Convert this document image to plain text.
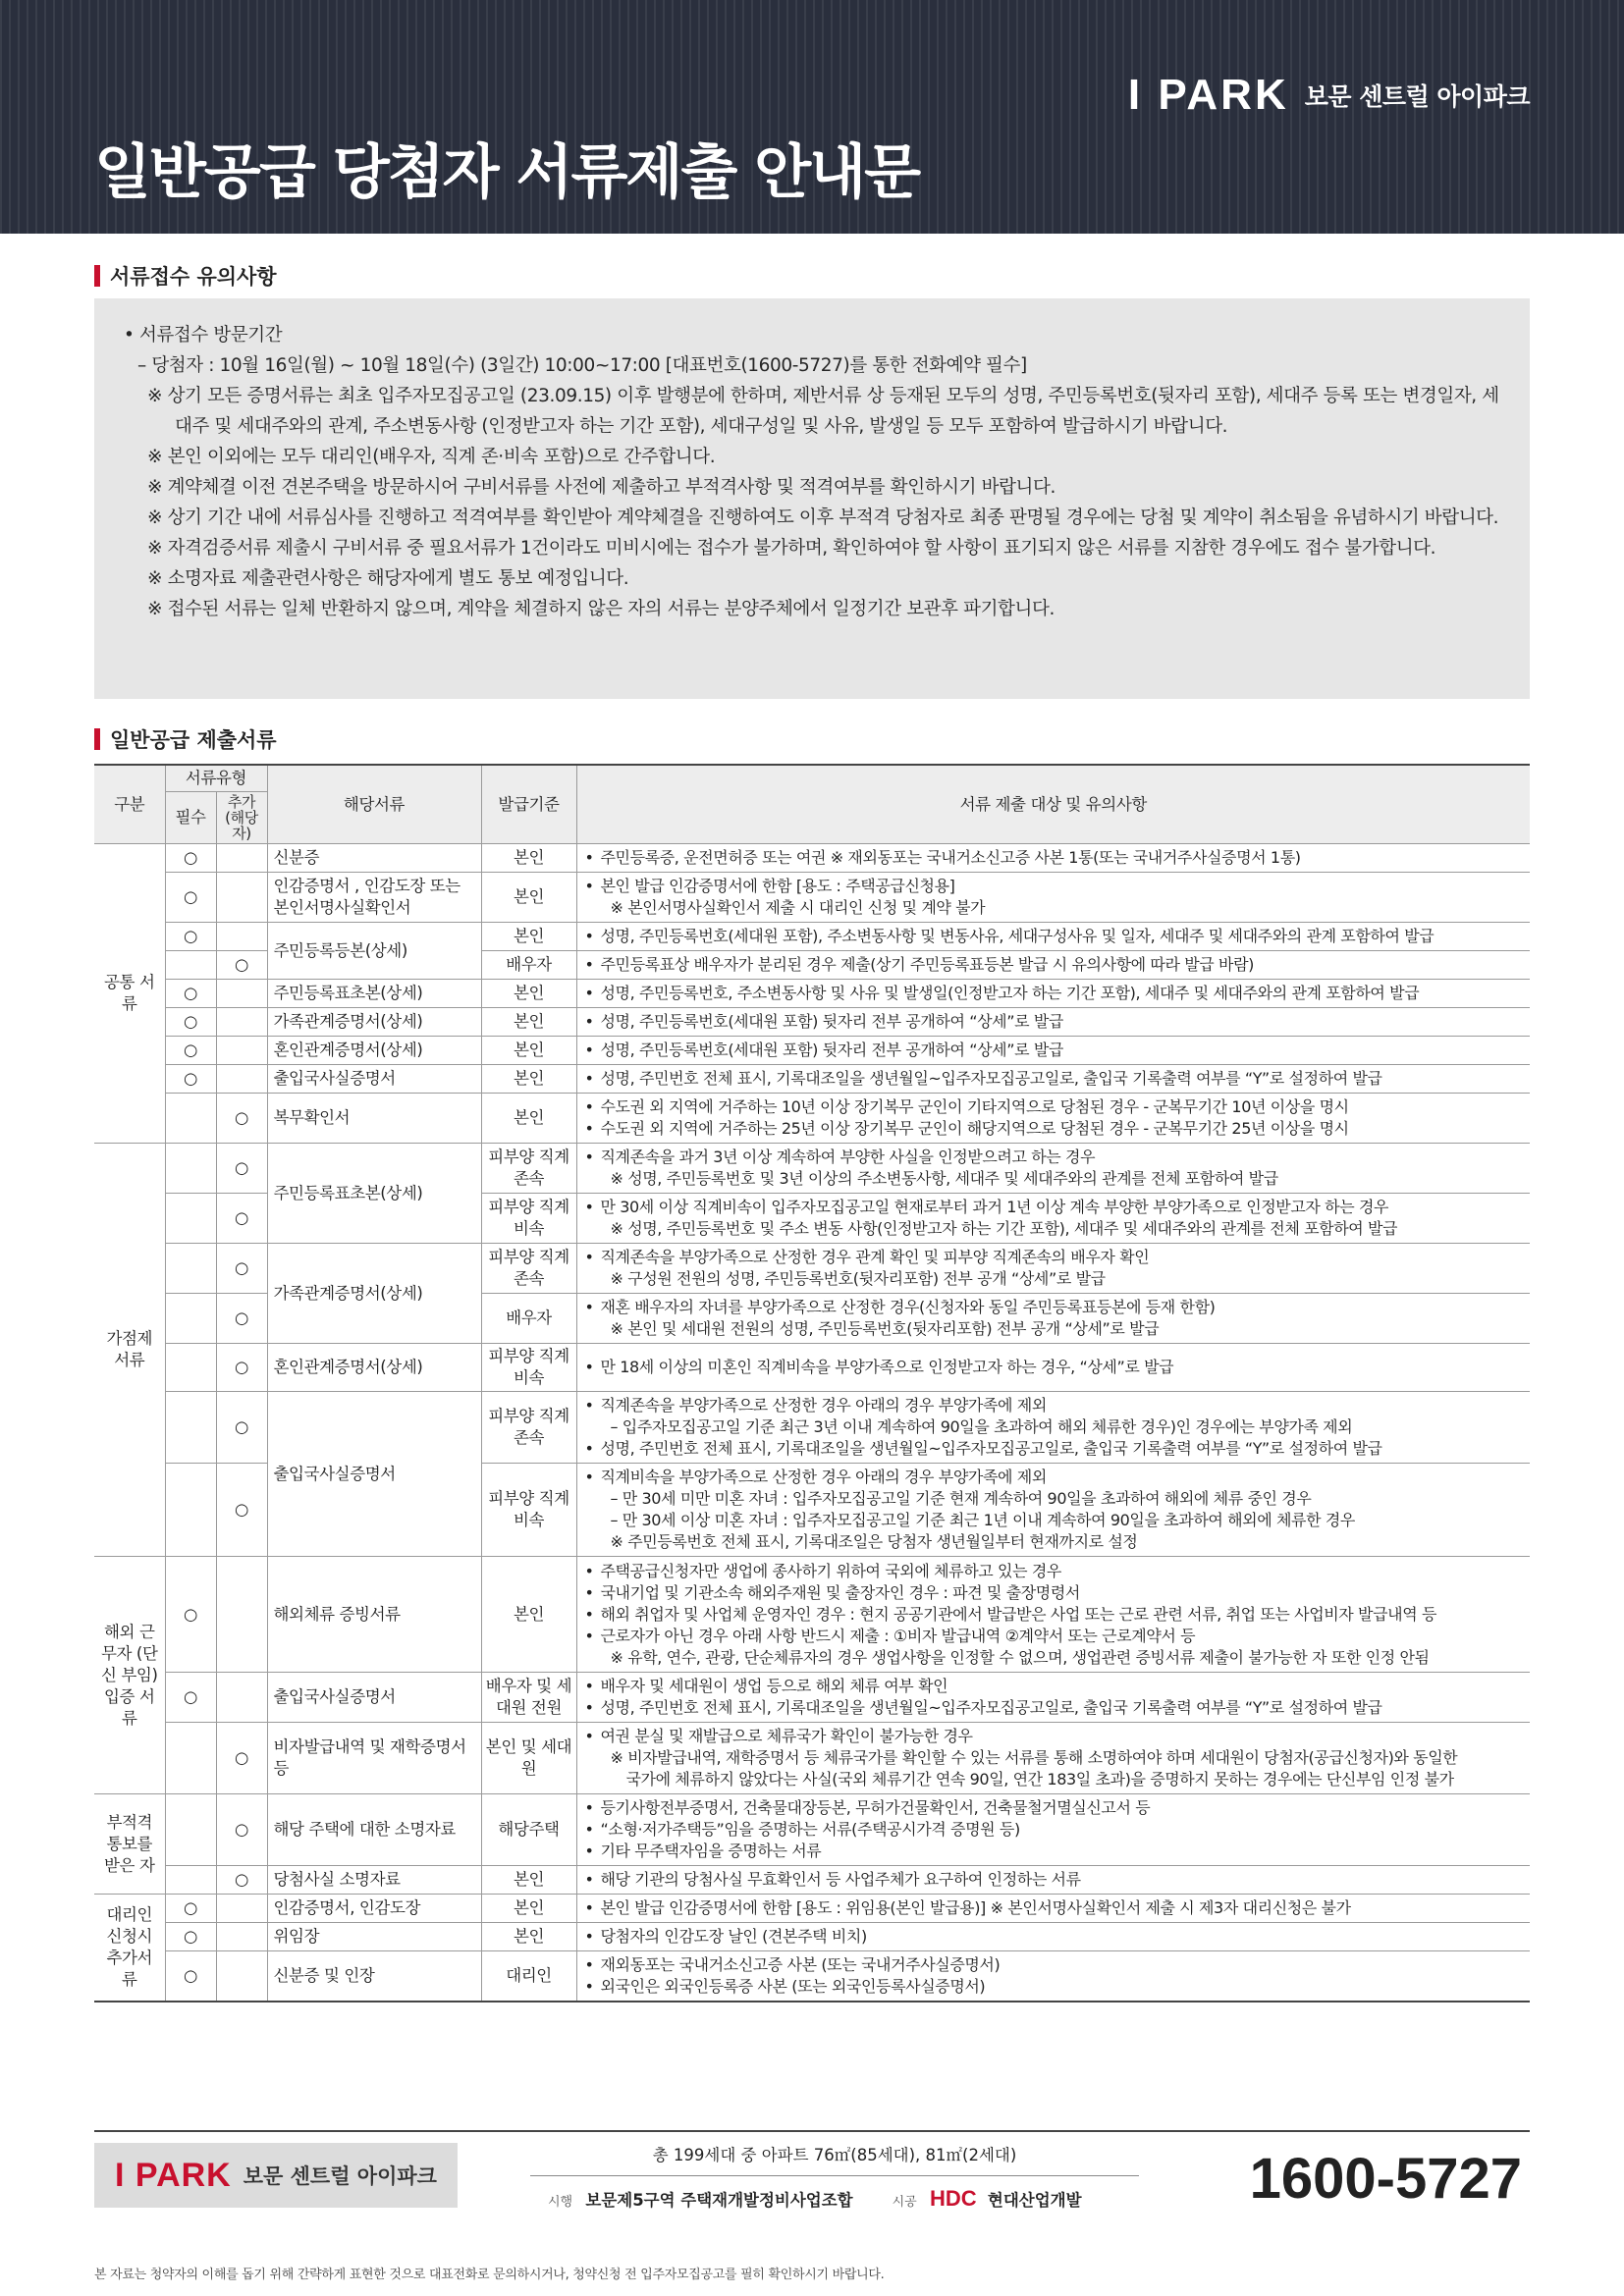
I PARK 보문 센트럴 아이파크
일반공급 당첨자 서류제출 안내문
서류접수 유의사항
• 서류접수 방문기간
– 당첨자 : 10월 16일(월) ~ 10월 18일(수) (3일간) 10:00~17:00 [대표번호(1600-5727)를 통한 전화예약 필수]
※ 상기 모든 증명서류는 최초 입주자모집공고일 (23.09.15) 이후 발행분에 한하며, 제반서류 상 등재된 모두의 성명, 주민등록번호(뒷자리 포함), 세대주 등록 또는 변경일자, 세대주 및 세대주와의 관계, 주소변동사항 (인정받고자 하는 기간 포함), 세대구성일 및 사유, 발생일 등 모두 포함하여 발급하시기 바랍니다.
※ 본인 이외에는 모두 대리인(배우자, 직계 존·비속 포함)으로 간주합니다.
※ 계약체결 이전 견본주택을 방문하시어 구비서류를 사전에 제출하고 부적격사항 및 적격여부를 확인하시기 바랍니다.
※ 상기 기간 내에 서류심사를 진행하고 적격여부를 확인받아 계약체결을 진행하여도 이후 부적격 당첨자로 최종 판명될 경우에는 당첨 및 계약이 취소됨을 유념하시기 바랍니다.
※ 자격검증서류 제출시 구비서류 중 필요서류가 1건이라도 미비시에는 접수가 불가하며, 확인하여야 할 사항이 표기되지 않은 서류를 지참한 경우에도 접수 불가합니다.
※ 소명자료 제출관련사항은 해당자에게 별도 통보 예정입니다.
※ 접수된 서류는 일체 반환하지 않으며, 계약을 체결하지 않은 자의 서류는 분양주체에서 일정기간 보관후 파기합니다.
일반공급 제출서류
구분	서류유형		해당서류	발급기준	서류 제출 대상 및 유의사항
	필수	추가
(해당자)			

공통 서류	○		신분증	본인	• 주민등록증, 운전면허증 또는 여권 ※ 재외동포는 국내거소신고증 사본 1통(또는 국내거주사실증명서 1통)

	○		인감증명서 , 인감도장 또는 본인서명사실확인서	본인	• 본인 발급 인감증명서에 한함 [용도 : 주택공급신청용]
※ 본인서명사실확인서 제출 시 대리인 신청 및 계약 불가

	○		주민등록등본(상세)	본인	• 성명, 주민등록번호(세대원 포함), 주소변동사항 및 변동사유, 세대구성사유 및 일자, 세대주 및 세대주와의 관계 포함하여 발급

		○		배우자	• 주민등록표상 배우자가 분리된 경우 제출(상기 주민등록표등본 발급 시 유의사항에 따라 발급 바람)

	○		주민등록표초본(상세)	본인	• 성명, 주민등록번호, 주소변동사항 및 사유 및 발생일(인정받고자 하는 기간 포함), 세대주 및 세대주와의 관계 포함하여 발급

	○		가족관계증명서(상세)	본인	• 성명, 주민등록번호(세대원 포함) 뒷자리 전부 공개하여 “상세”로 발급

	○		혼인관계증명서(상세)	본인	• 성명, 주민등록번호(세대원 포함) 뒷자리 전부 공개하여 “상세”로 발급

	○		출입국사실증명서	본인	• 성명, 주민번호 전체 표시, 기록대조일을 생년월일~입주자모집공고일로, 출입국 기록출력 여부를 “Y”로 설정하여 발급

		○	복무확인서	본인	• 수도권 외 지역에 거주하는 10년 이상 장기복무 군인이 기타지역으로 당첨된 경우 - 군복무기간 10년 이상을 명시
• 수도권 외 지역에 거주하는 25년 이상 장기복무 군인이 해당지역으로 당첨된 경우 - 군복무기간 25년 이상을 명시

가점제 서류		○	주민등록표초본(상세)	피부양 직계존속	• 직계존속을 과거 3년 이상 계속하여 부양한 사실을 인정받으려고 하는 경우
※ 성명, 주민등록번호 및 3년 이상의 주소변동사항, 세대주 및 세대주와의 관계를 전체 포함하여 발급

		○		피부양 직계비속	• 만 30세 이상 직계비속이 입주자모집공고일 현재로부터 과거 1년 이상 계속 부양한 부양가족으로 인정받고자 하는 경우
※ 성명, 주민등록번호 및 주소 변동 사항(인정받고자 하는 기간 포함), 세대주 및 세대주와의 관계를 전체 포함하여 발급

		○	가족관계증명서(상세)	피부양 직계존속	• 직계존속을 부양가족으로 산정한 경우 관계 확인 및 피부양 직계존속의 배우자 확인
※ 구성원 전원의 성명, 주민등록번호(뒷자리포함) 전부 공개 “상세”로 발급

		○		배우자	• 재혼 배우자의 자녀를 부양가족으로 산정한 경우(신청자와 동일 주민등록표등본에 등재 한함)
※ 본인 및 세대원 전원의 성명, 주민등록번호(뒷자리포함) 전부 공개 “상세”로 발급

		○	혼인관계증명서(상세)	피부양 직계비속	• 만 18세 이상의 미혼인 직계비속을 부양가족으로 인정받고자 하는 경우, “상세”로 발급

		○	출입국사실증명서	피부양 직계존속	• 직계존속을 부양가족으로 산정한 경우 아래의 경우 부양가족에 제외
– 입주자모집공고일 기준 최근 3년 이내 계속하여 90일을 초과하여 해외 체류한 경우)인 경우에는 부양가족 제외
• 성명, 주민번호 전체 표시, 기록대조일을 생년월일~입주자모집공고일로, 출입국 기록출력 여부를 “Y”로 설정하여 발급

		○		피부양 직계비속	• 직계비속을 부양가족으로 산정한 경우 아래의 경우 부양가족에 제외
– 만 30세 미만 미혼 자녀 : 입주자모집공고일 기준 현재 계속하여 90일을 초과하여 해외에 체류 중인 경우
– 만 30세 이상 미혼 자녀 : 입주자모집공고일 기준 최근 1년 이내 계속하여 90일을 초과하여 해외에 체류한 경우
※ 주민등록번호 전체 표시, 기록대조일은 당첨자 생년월일부터 현재까지로 설정

해외 근무자 (단신 부임) 입증 서류	○		해외체류 증빙서류	본인	• 주택공급신청자만 생업에 종사하기 위하여 국외에 체류하고 있는 경우
• 국내기업 및 기관소속 해외주재원 및 출장자인 경우 : 파견 및 출장명령서
• 해외 취업자 및 사업체 운영자인 경우 : 현지 공공기관에서 발급받은 사업 또는 근로 관련 서류, 취업 또는 사업비자 발급내역 등
• 근로자가 아닌 경우 아래 사항 반드시 제출 : ①비자 발급내역 ②계약서 또는 근로계약서 등
※ 유학, 연수, 관광, 단순체류자의 경우 생업사항을 인정할 수 없으며, 생업관련 증빙서류 제출이 불가능한 자 또한 인정 안됨

	○		출입국사실증명서	배우자 및 세대원 전원	• 배우자 및 세대원이 생업 등으로 해외 체류 여부 확인
• 성명, 주민번호 전체 표시, 기록대조일을 생년월일~입주자모집공고일로, 출입국 기록출력 여부를 “Y”로 설정하여 발급

		○	비자발급내역 및 재학증명서 등	본인 및 세대원	• 여권 분실 및 재발급으로 체류국가 확인이 불가능한 경우
※ 비자발급내역, 재학증명서 등 체류국가를 확인할 수 있는 서류를 통해 소명하여야 하며 세대원이 당첨자(공급신청자)와 동일한
국가에 체류하지 않았다는 사실(국외 체류기간 연속 90일, 연간 183일 초과)을 증명하지 못하는 경우에는 단신부임 인정 불가

부적격 통보를 받은 자		○	해당 주택에 대한 소명자료	해당주택	• 등기사항전부증명서, 건축물대장등본, 무허가건물확인서, 건축물철거멸실신고서 등
• “소형·저가주택등”임을 증명하는 서류(주택공시가격 증명원 등)
• 기타 무주택자임을 증명하는 서류

		○	당첨사실 소명자료	본인	• 해당 기관의 당첨사실 무효확인서 등 사업주체가 요구하여 인정하는 서류

대리인 신청시 추가서류	○		인감증명서, 인감도장	본인	• 본인 발급 인감증명서에 한함 [용도 : 위임용(본인 발급용)] ※ 본인서명사실확인서 제출 시 제3자 대리신청은 불가

	○		위임장	본인	• 당첨자의 인감도장 날인 (견본주택 비치)

	○		신분증 및 인장	대리인	• 재외동포는 국내거소신고증 사본 (또는 국내거주사실증명서)
• 외국인은 외국인등록증 사본 (또는 외국인등록사실증명서)
I PARK 보문 센트럴 아이파크
총 199세대 중 아파트 76㎡(85세대), 81㎡(2세대)
시행 보문제5구역 주택재개발정비사업조합	시공 HDC 현대산업개발	1600-5727
본 자료는 청약자의 이해를 돕기 위해 간략하게 표현한 것으로 대표전화로 문의하시거나, 청약신청 전 입주자모집공고를 필히 확인하시기 바랍니다.
